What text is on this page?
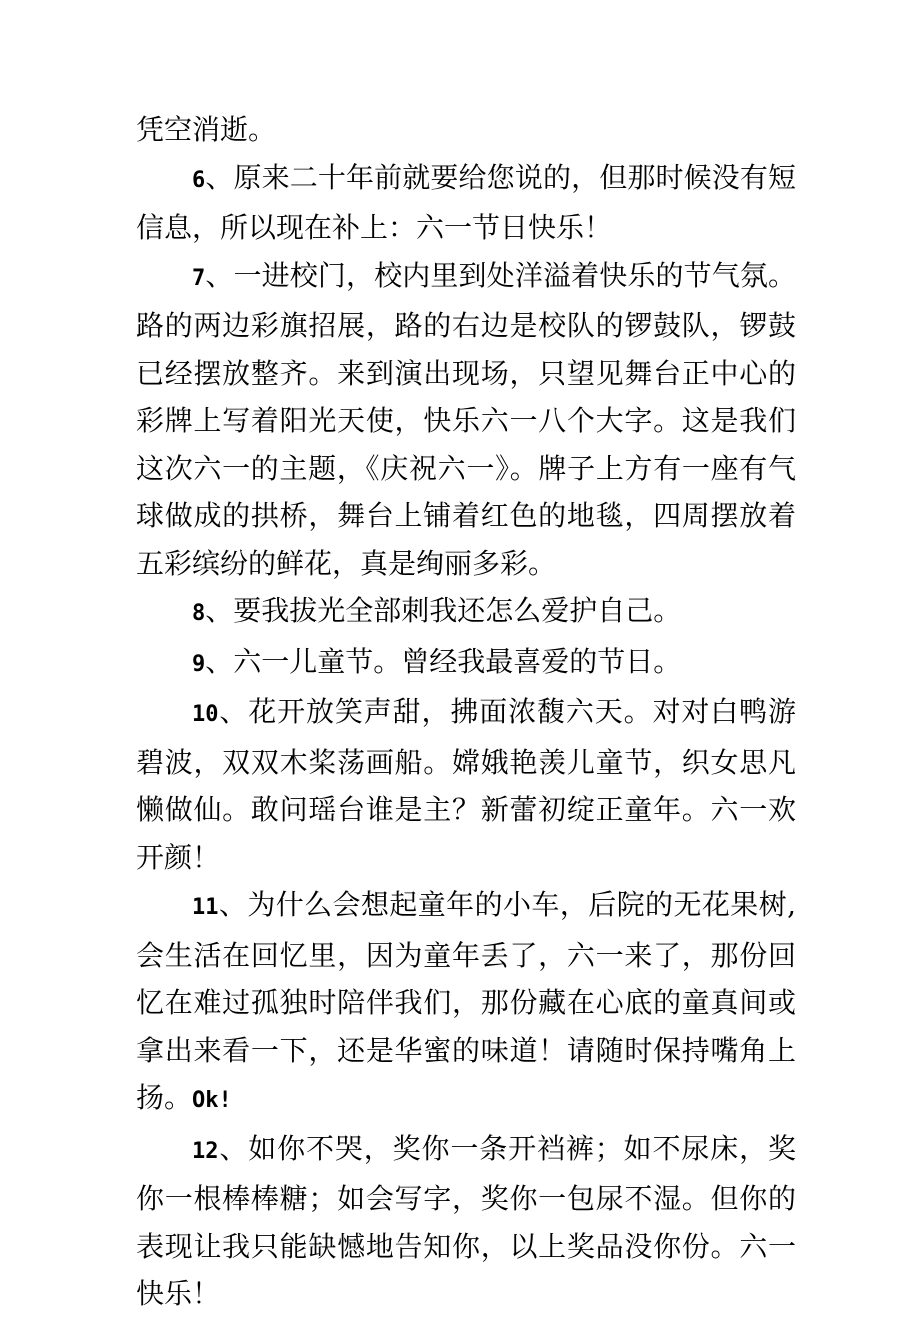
凭空消逝。

6、原来二十年前就要给您说的，但那时候没有短信息，所以现在补上：六一节日快乐！

7、一进校门，校内里到处洋溢着快乐的节气氛。路的两边彩旗招展，路的右边是校队的锣鼓队，锣鼓已经摆放整齐。来到演出现场，只望见舞台正中心的彩牌上写着阳光天使，快乐六一八个大字。这是我们这次六一的主题，《庆祝六一》。牌子上方有一座有气球做成的拱桥，舞台上铺着红色的地毯，四周摆放着五彩缤纷的鲜花，真是绚丽多彩。

8、要我拔光全部刺我还怎么爱护自己。

9、六一儿童节。曾经我最喜爱的节日。

10、花开放笑声甜，拂面浓馥六天。对对白鸭游碧波，双双木桨荡画船。嫦娥艳羡儿童节，织女思凡懒做仙。敢问瑶台谁是主？新蕾初绽正童年。六一欢开颜！

11、为什么会想起童年的小车，后院的无花果树,会生活在回忆里，因为童年丢了，六一来了，那份回忆在难过孤独时陪伴我们，那份藏在心底的童真间或拿出来看一下，还是华蜜的味道！请随时保持嘴角上扬。Ok!

12、如你不哭，奖你一条开裆裤；如不尿床，奖你一根棒棒糖；如会写字，奖你一包尿不湿。但你的表现让我只能缺憾地告知你，以上奖品没你份。六一快乐！
